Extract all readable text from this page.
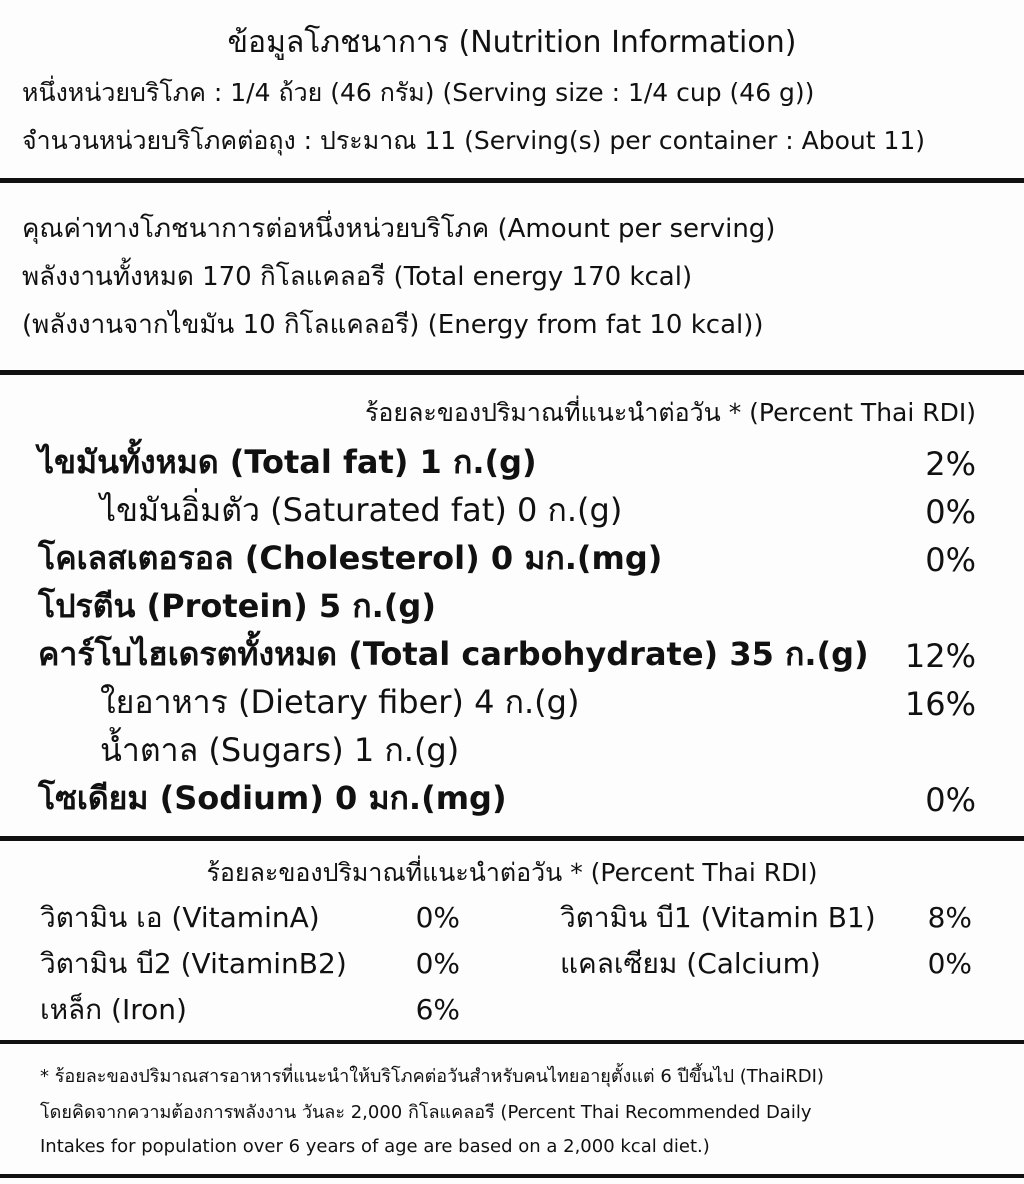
ข้อมูลโภชนาการ (Nutrition Information)
หนึ่งหน่วยบริโภค : 1/4 ถ้วย (46 กรัม) (Serving size : 1/4 cup (46 g))
จำนวนหน่วยบริโภคต่อถุง : ประมาณ 11 (Serving(s) per container : About 11)
คุณค่าทางโภชนาการต่อหนึ่งหน่วยบริโภค (Amount per serving)
พลังงานทั้งหมด 170 กิโลแคลอรี (Total energy 170 kcal)
(พลังงานจากไขมัน 10 กิโลแคลอรี) (Energy from fat 10 kcal))
ร้อยละของปริมาณที่แนะนำต่อวัน * (Percent Thai RDI)
ไขมันทั้งหมด (Total fat) 1 ก.(g)	2%
ไขมันอิ่มตัว (Saturated fat) 0 ก.(g)	0%
โคเลสเตอรอล (Cholesterol) 0 มก.(mg)	0%
โปรตีน (Protein) 5 ก.(g)
คาร์โบไฮเดรตทั้งหมด (Total carbohydrate) 35 ก.(g) 12%
ใยอาหาร (Dietary fiber) 4 ก.(g)	16%
น้ำตาล (Sugars) 1 ก.(g)
โซเดียม (Sodium) 0 มก.(mg)	0%
ร้อยละของปริมาณที่แนะนำต่อวัน * (Percent Thai RDI)
วิตามิน เอ (VitaminA)	0%	วิตามิน บี1 (Vitamin B1) 8%
วิตามิน บี2 (VitaminB2)	0%	แคลเซียม (Calcium)	0%
เหล็ก (Iron)	6%
* ร้อยละของปริมาณสารอาหารที่แนะนำให้บริโภคต่อวันสำหรับคนไทยอายุตั้งแต่ 6 ปีขึ้นไป (ThaiRDI)
โดยคิดจากความต้องการพลังงาน วันละ 2,000 กิโลแคลอรี (Percent Thai Recommended Daily
Intakes for population over 6 years of age are based on a 2,000 kcal diet.)
